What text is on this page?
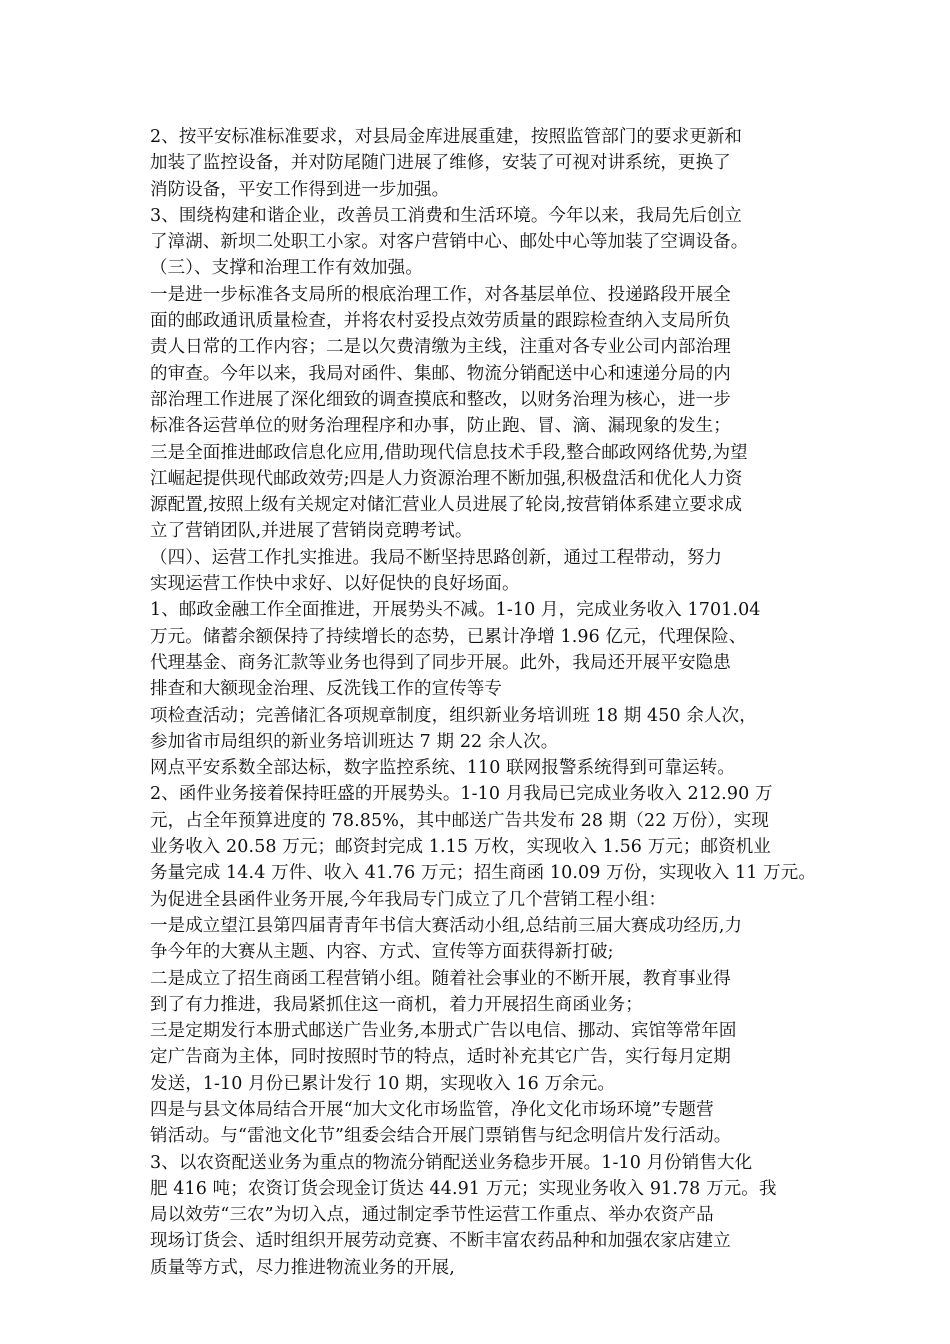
2、按平安标准标准要求，对县局金库进展重建，按照监管部门的要求更新和
加装了监控设备，并对防尾随门进展了维修，安装了可视对讲系统，更换了
消防设备，平安工作得到进一步加强。
3、围绕构建和谐企业，改善员工消费和生活环境。今年以来，我局先后创立
了漳湖、新坝二处职工小家。对客户营销中心、邮处中心等加装了空调设备。
（三）、支撑和治理工作有效加强。
一是进一步标准各支局所的根底治理工作，对各基层单位、投递路段开展全
面的邮政通讯质量检查，并将农村妥投点效劳质量的跟踪检查纳入支局所负
责人日常的工作内容；二是以欠费清缴为主线，注重对各专业公司内部治理
的审查。今年以来，我局对函件、集邮、物流分销配送中心和速递分局的内
部治理工作进展了深化细致的调查摸底和整改，以财务治理为核心，进一步
标准各运营单位的财务治理程序和办事，防止跑、冒、滴、漏现象的发生；
三是全面推进邮政信息化应用,借助现代信息技术手段,整合邮政网络优势,为望
江崛起提供现代邮政效劳;四是人力资源治理不断加强,积极盘活和优化人力资
源配置,按照上级有关规定对储汇营业人员进展了轮岗,按营销体系建立要求成
立了营销团队,并进展了营销岗竞聘考试。
（四）、运营工作扎实推进。我局不断坚持思路创新，通过工程带动，努力
实现运营工作快中求好、以好促快的良好场面。
1、邮政金融工作全面推进，开展势头不减。1-10 月，完成业务收入 1701.04
万元。储蓄余额保持了持续增长的态势，已累计净增 1.96 亿元，代理保险、
代理基金、商务汇款等业务也得到了同步开展。此外，我局还开展平安隐患
排查和大额现金治理、反洗钱工作的宣传等专
项检查活动；完善储汇各项规章制度，组织新业务培训班 18 期 450 余人次，
参加省市局组织的新业务培训班达 7 期 22 余人次。
网点平安系数全部达标，数字监控系统、110 联网报警系统得到可靠运转。
2、函件业务接着保持旺盛的开展势头。1-10 月我局已完成业务收入 212.90 万
元，占全年预算进度的 78.85%，其中邮送广告共发布 28 期（22 万份），实现
业务收入 20.58 万元；邮资封完成 1.15 万枚，实现收入 1.56 万元；邮资机业
务量完成 14.4 万件、收入 41.76 万元；招生商函 10.09 万份，实现收入 11 万元。
为促进全县函件业务开展,今年我局专门成立了几个营销工程小组：
一是成立望江县第四届青青年书信大赛活动小组,总结前三届大赛成功经历,力
争今年的大赛从主题、内容、方式、宣传等方面获得新打破;
二是成立了招生商函工程营销小组。随着社会事业的不断开展，教育事业得
到了有力推进，我局紧抓住这一商机，着力开展招生商函业务；
三是定期发行本册式邮送广告业务,本册式广告以电信、挪动、宾馆等常年固
定广告商为主体，同时按照时节的特点，适时补充其它广告，实行每月定期
发送，1-10 月份已累计发行 10 期，实现收入 16 万余元。
四是与县文体局结合开展“加大文化市场监管，净化文化市场环境”专题营
销活动。与“雷池文化节”组委会结合开展门票销售与纪念明信片发行活动。
3、以农资配送业务为重点的物流分销配送业务稳步开展。1-10 月份销售大化
肥 416 吨；农资订货会现金订货达 44.91 万元；实现业务收入 91.78 万元。我
局以效劳“三农”为切入点，通过制定季节性运营工作重点、举办农资产品
现场订货会、适时组织开展劳动竞赛、不断丰富农药品种和加强农家店建立
质量等方式，尽力推进物流业务的开展,
